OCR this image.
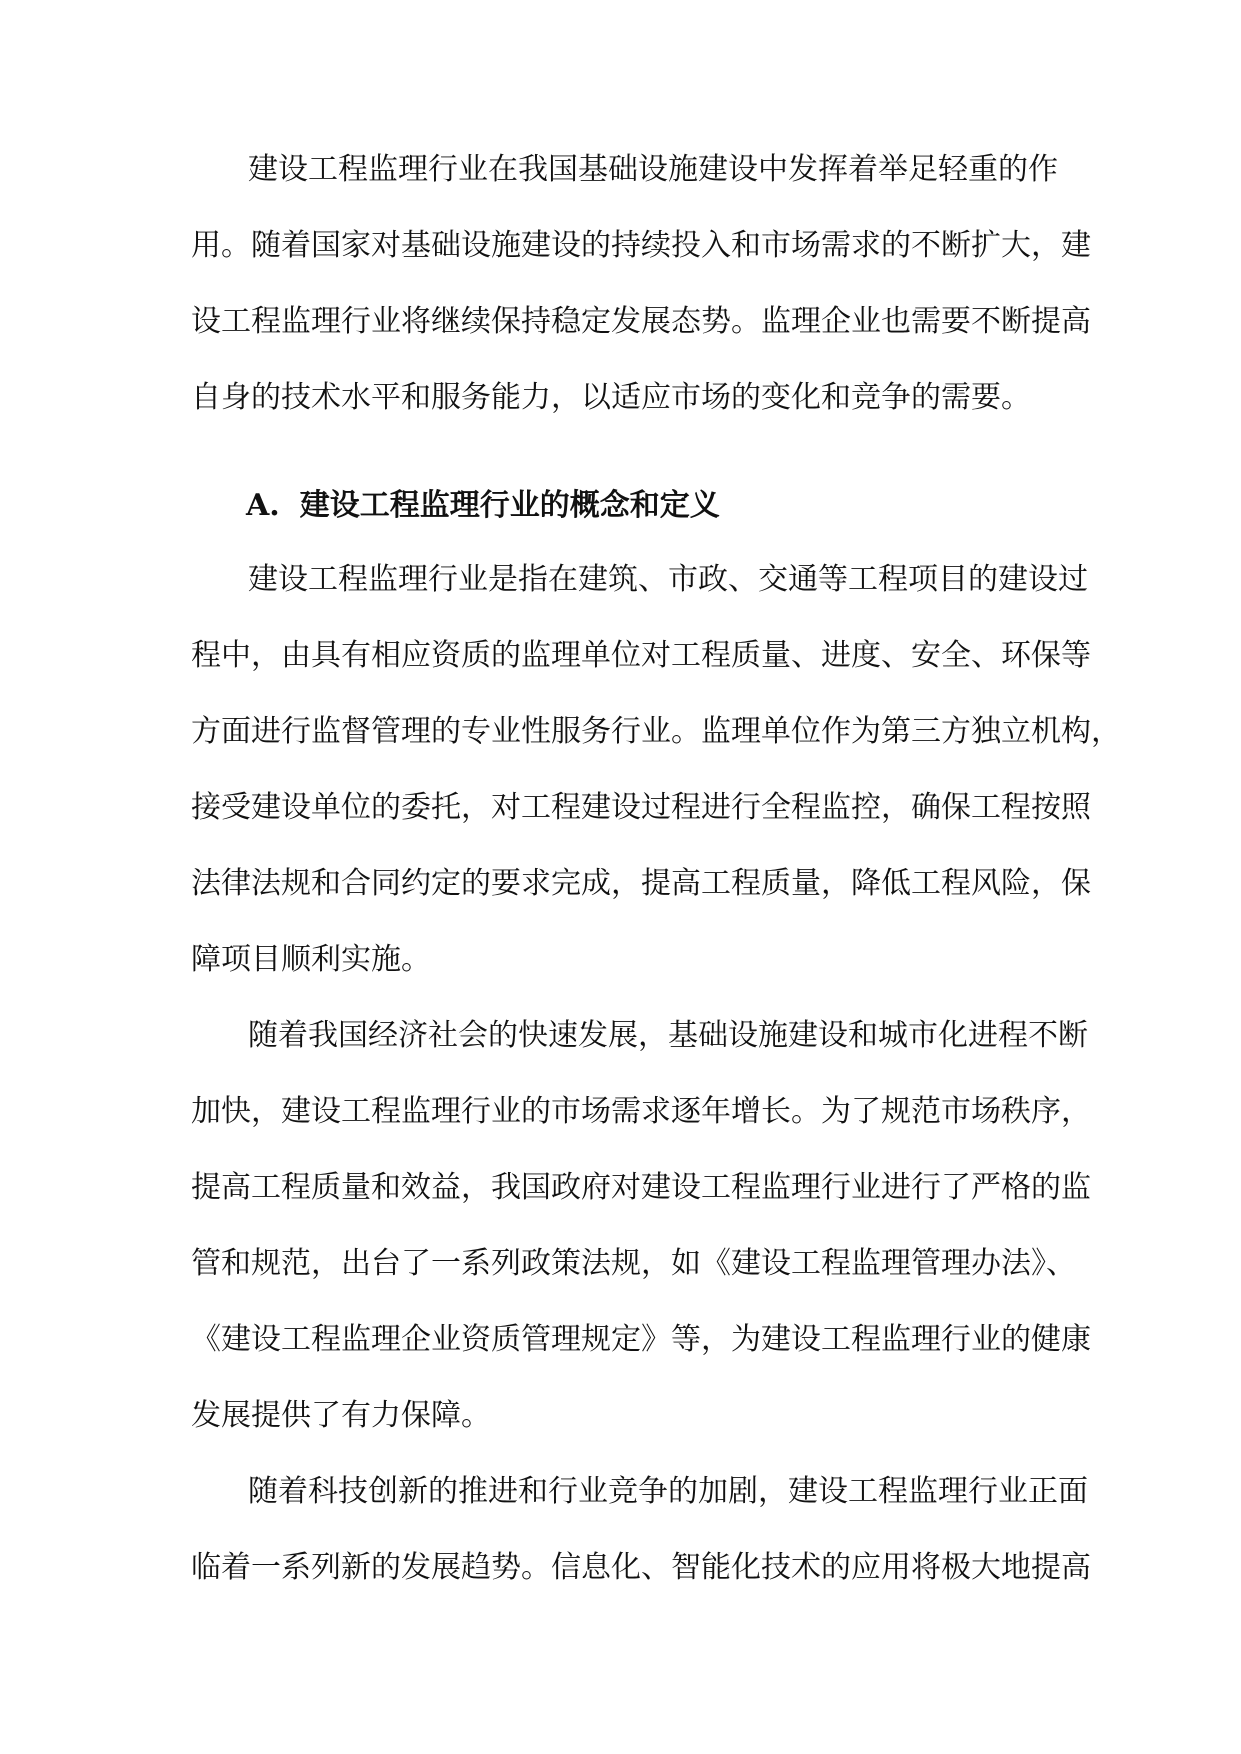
建设工程监理行业在我国基础设施建设中发挥着举足轻重的作
用。随着国家对基础设施建设的持续投入和市场需求的不断扩大，建
设工程监理行业将继续保持稳定发展态势。监理企业也需要不断提高
自身的技术水平和服务能力，以适应市场的变化和竞争的需要。
A. 建设工程监理行业的概念和定义
建设工程监理行业是指在建筑、市政、交通等工程项目的建设过
程中，由具有相应资质的监理单位对工程质量、进度、安全、环保等
方面进行监督管理的专业性服务行业。监理单位作为第三方独立机构，
接受建设单位的委托，对工程建设过程进行全程监控，确保工程按照
法律法规和合同约定的要求完成，提高工程质量，降低工程风险，保
障项目顺利实施。
随着我国经济社会的快速发展，基础设施建设和城市化进程不断
加快，建设工程监理行业的市场需求逐年增长。为了规范市场秩序，
提高工程质量和效益，我国政府对建设工程监理行业进行了严格的监
管和规范，出台了一系列政策法规，如《建设工程监理管理办法》、
《建设工程监理企业资质管理规定》等，为建设工程监理行业的健康
发展提供了有力保障。
随着科技创新的推进和行业竞争的加剧，建设工程监理行业正面
临着一系列新的发展趋势。信息化、智能化技术的应用将极大地提高
